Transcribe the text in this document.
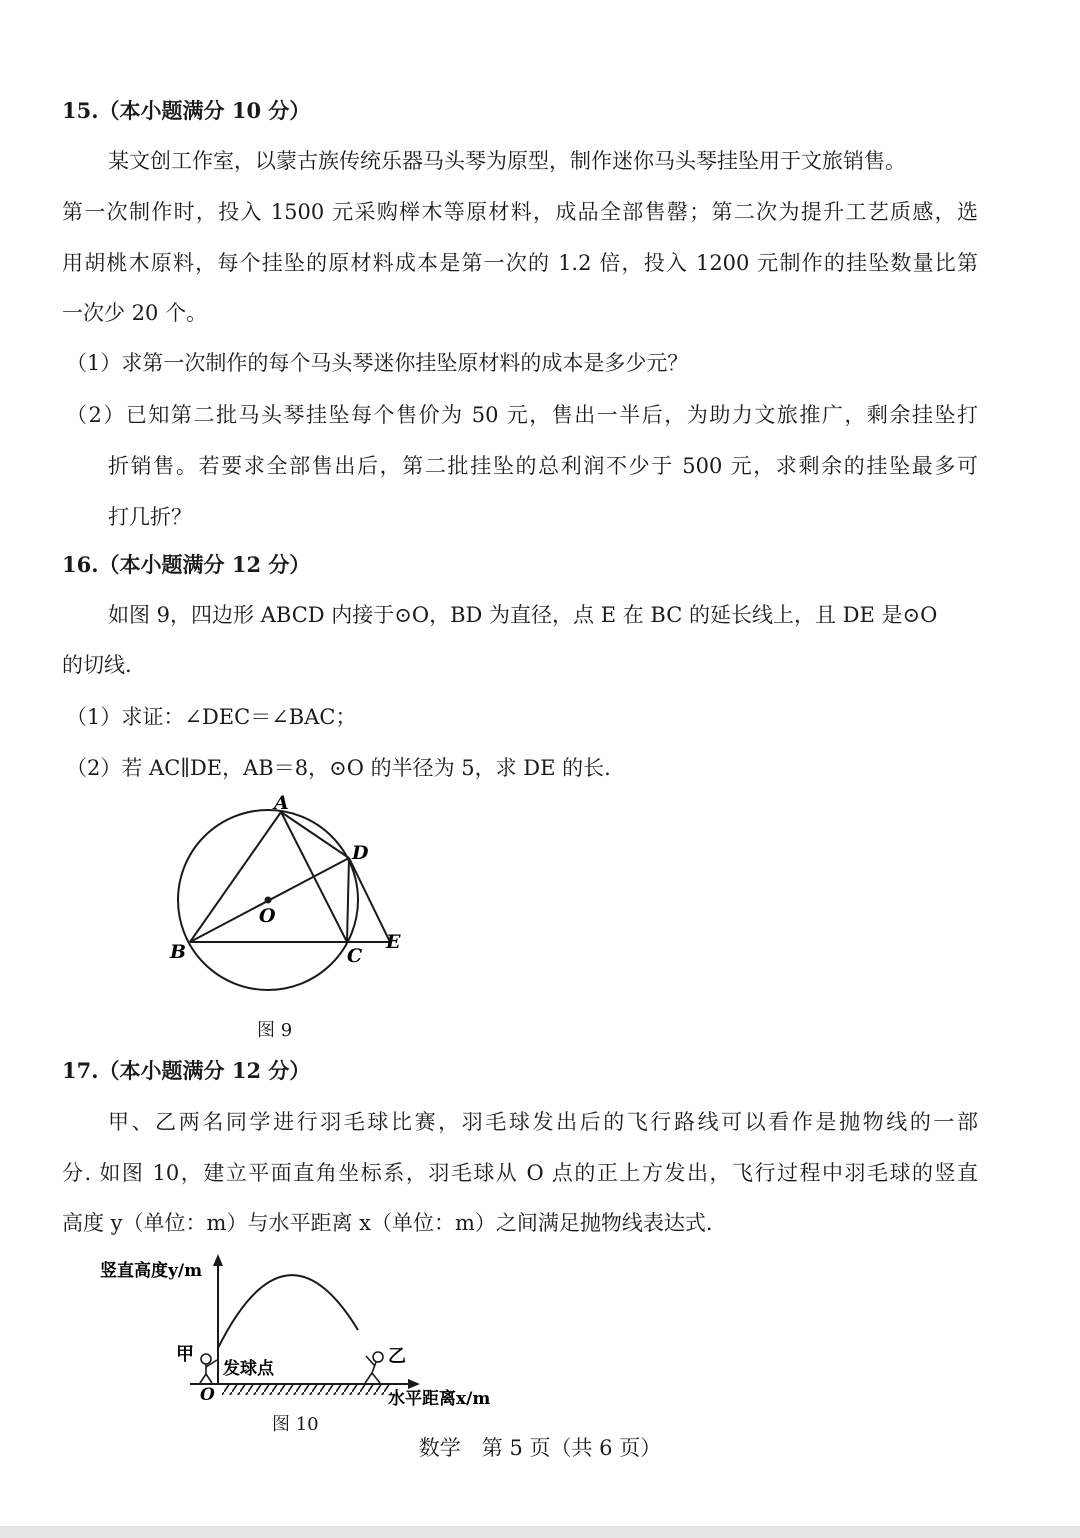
15.（本小题满分 10 分）
某文创工作室，以蒙古族传统乐器马头琴为原型，制作迷你马头琴挂坠用于文旅销售。
第一次制作时，投入 1500 元采购榉木等原材料，成品全部售罄；第二次为提升工艺质感，选
用胡桃木原料，每个挂坠的原材料成本是第一次的 1.2 倍，投入 1200 元制作的挂坠数量比第
一次少 20 个。
（1）求第一次制作的每个马头琴迷你挂坠原材料的成本是多少元？
（2）已知第二批马头琴挂坠每个售价为 50 元，售出一半后，为助力文旅推广，剩余挂坠打
折销售。若要求全部售出后，第二批挂坠的总利润不少于 500 元，求剩余的挂坠最多可
打几折？
16.（本小题满分 12 分）
如图 9，四边形 ABCD 内接于⊙O，BD 为直径，点 E 在 BC 的延长线上，且 DE 是⊙O
的切线.
（1）求证：∠DEC＝∠BAC；
（2）若 AC∥DE，AB＝8，⊙O 的半径为 5，求 DE 的长.
A
B	C
D
E
O
图 9
17.（本小题满分 12 分）
甲、乙两名同学进行羽毛球比赛，羽毛球发出后的飞行路线可以看作是抛物线的一部
分. 如图 10，建立平面直角坐标系，羽毛球从 O 点的正上方发出，飞行过程中羽毛球的竖直
高度 y（单位：m）与水平距离 x（单位：m）之间满足抛物线表达式.
竖直高度y/m
水平距离x/m
甲	乙
发球点
O
图 10
数学　第 5 页（共 6 页）
